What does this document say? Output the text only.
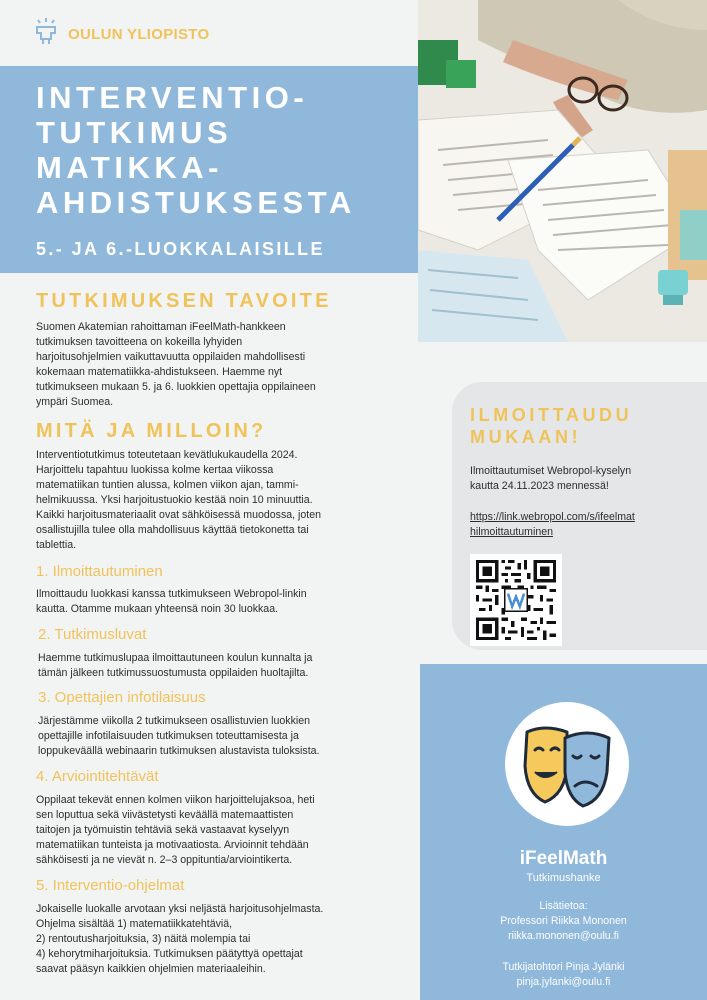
OULUN YLIOPISTO
INTERVENTIO-
TUTKIMUS
MATIKKA-
AHDISTUKSESTA
5.- JA 6.-LUOKKALAISILLE
TUTKIMUKSEN TAVOITE
Suomen Akatemian rahoittaman iFeelMath-hankkeen
tutkimuksen tavoitteena on kokeilla lyhyiden
harjoitusohjelmien vaikuttavuutta oppilaiden mahdollisesti
kokemaan matematiikka-ahdistukseen. Haemme nyt
tutkimukseen mukaan 5. ja 6. luokkien opettajia oppilaineen
ympäri Suomea.
MITÄ JA MILLOIN?
Interventiotutkimus toteutetaan kevätlukukaudella 2024.
Harjoittelu tapahtuu luokissa kolme kertaa viikossa
matematiikan tuntien alussa, kolmen viikon ajan, tammi-
helmikuussa. Yksi harjoitustuokio kestää noin 10 minuuttia.
Kaikki harjoitusmateriaalit ovat sähköisessä muodossa, joten
osallistujilla tulee olla mahdollisuus käyttää tietokonetta tai
tablettia.
1. Ilmoittautuminen
Ilmoittaudu luokkasi kanssa tutkimukseen Webropol-linkin
kautta. Otamme mukaan yhteensä noin 30 luokkaa.
2. Tutkimusluvat
Haemme tutkimuslupaa ilmoittautuneen koulun kunnalta ja
tämän jälkeen tutkimussuostumusta oppilaiden huoltajilta.
3. Opettajien infotilaisuus
Järjestämme viikolla 2 tutkimukseen osallistuvien luokkien
opettajille infotilaisuuden tutkimuksen toteuttamisesta ja
loppukeväällä webinaarin tutkimuksen alustavista tuloksista.
4. Arviointitehtävät
Oppilaat tekevät ennen kolmen viikon harjoittelujaksoa, heti
sen loputtua sekä viivästetysti keväällä matemaattisten
taitojen ja työmuistin tehtäviä sekä vastaavat kyselyyn
matematiikan tunteista ja motivaatiosta. Arvioinnit tehdään
sähköisesti ja ne vievät n. 2–3 oppituntia/arviointikerta.
5. Interventio-ohjelmat
Jokaiselle luokalle arvotaan yksi neljästä harjoitusohjelmasta.
Ohjelma sisältää 1) matematiikkatehtäviä,
2) rentoutusharjoituksia, 3) näitä molempia tai
4) kehorytmiharjoituksia. Tutkimuksen päätyttyä opettajat
saavat pääsyn kaikkien ohjelmien materiaaleihin.
ILMOITTAUDU
MUKAAN!
Ilmoittautumiset Webropol-kyselyn
kautta 24.11.2023 mennessä!
https://link.webropol.com/s/ifeelmat
hilmoittautuminen
iFeelMath
Tutkimushanke
Lisätietoa:
Professori Riikka Mononen
riikka.mononen@oulu.fi
Tutkijatohtori Pinja Jylänki
pinja.jylanki@oulu.fi
